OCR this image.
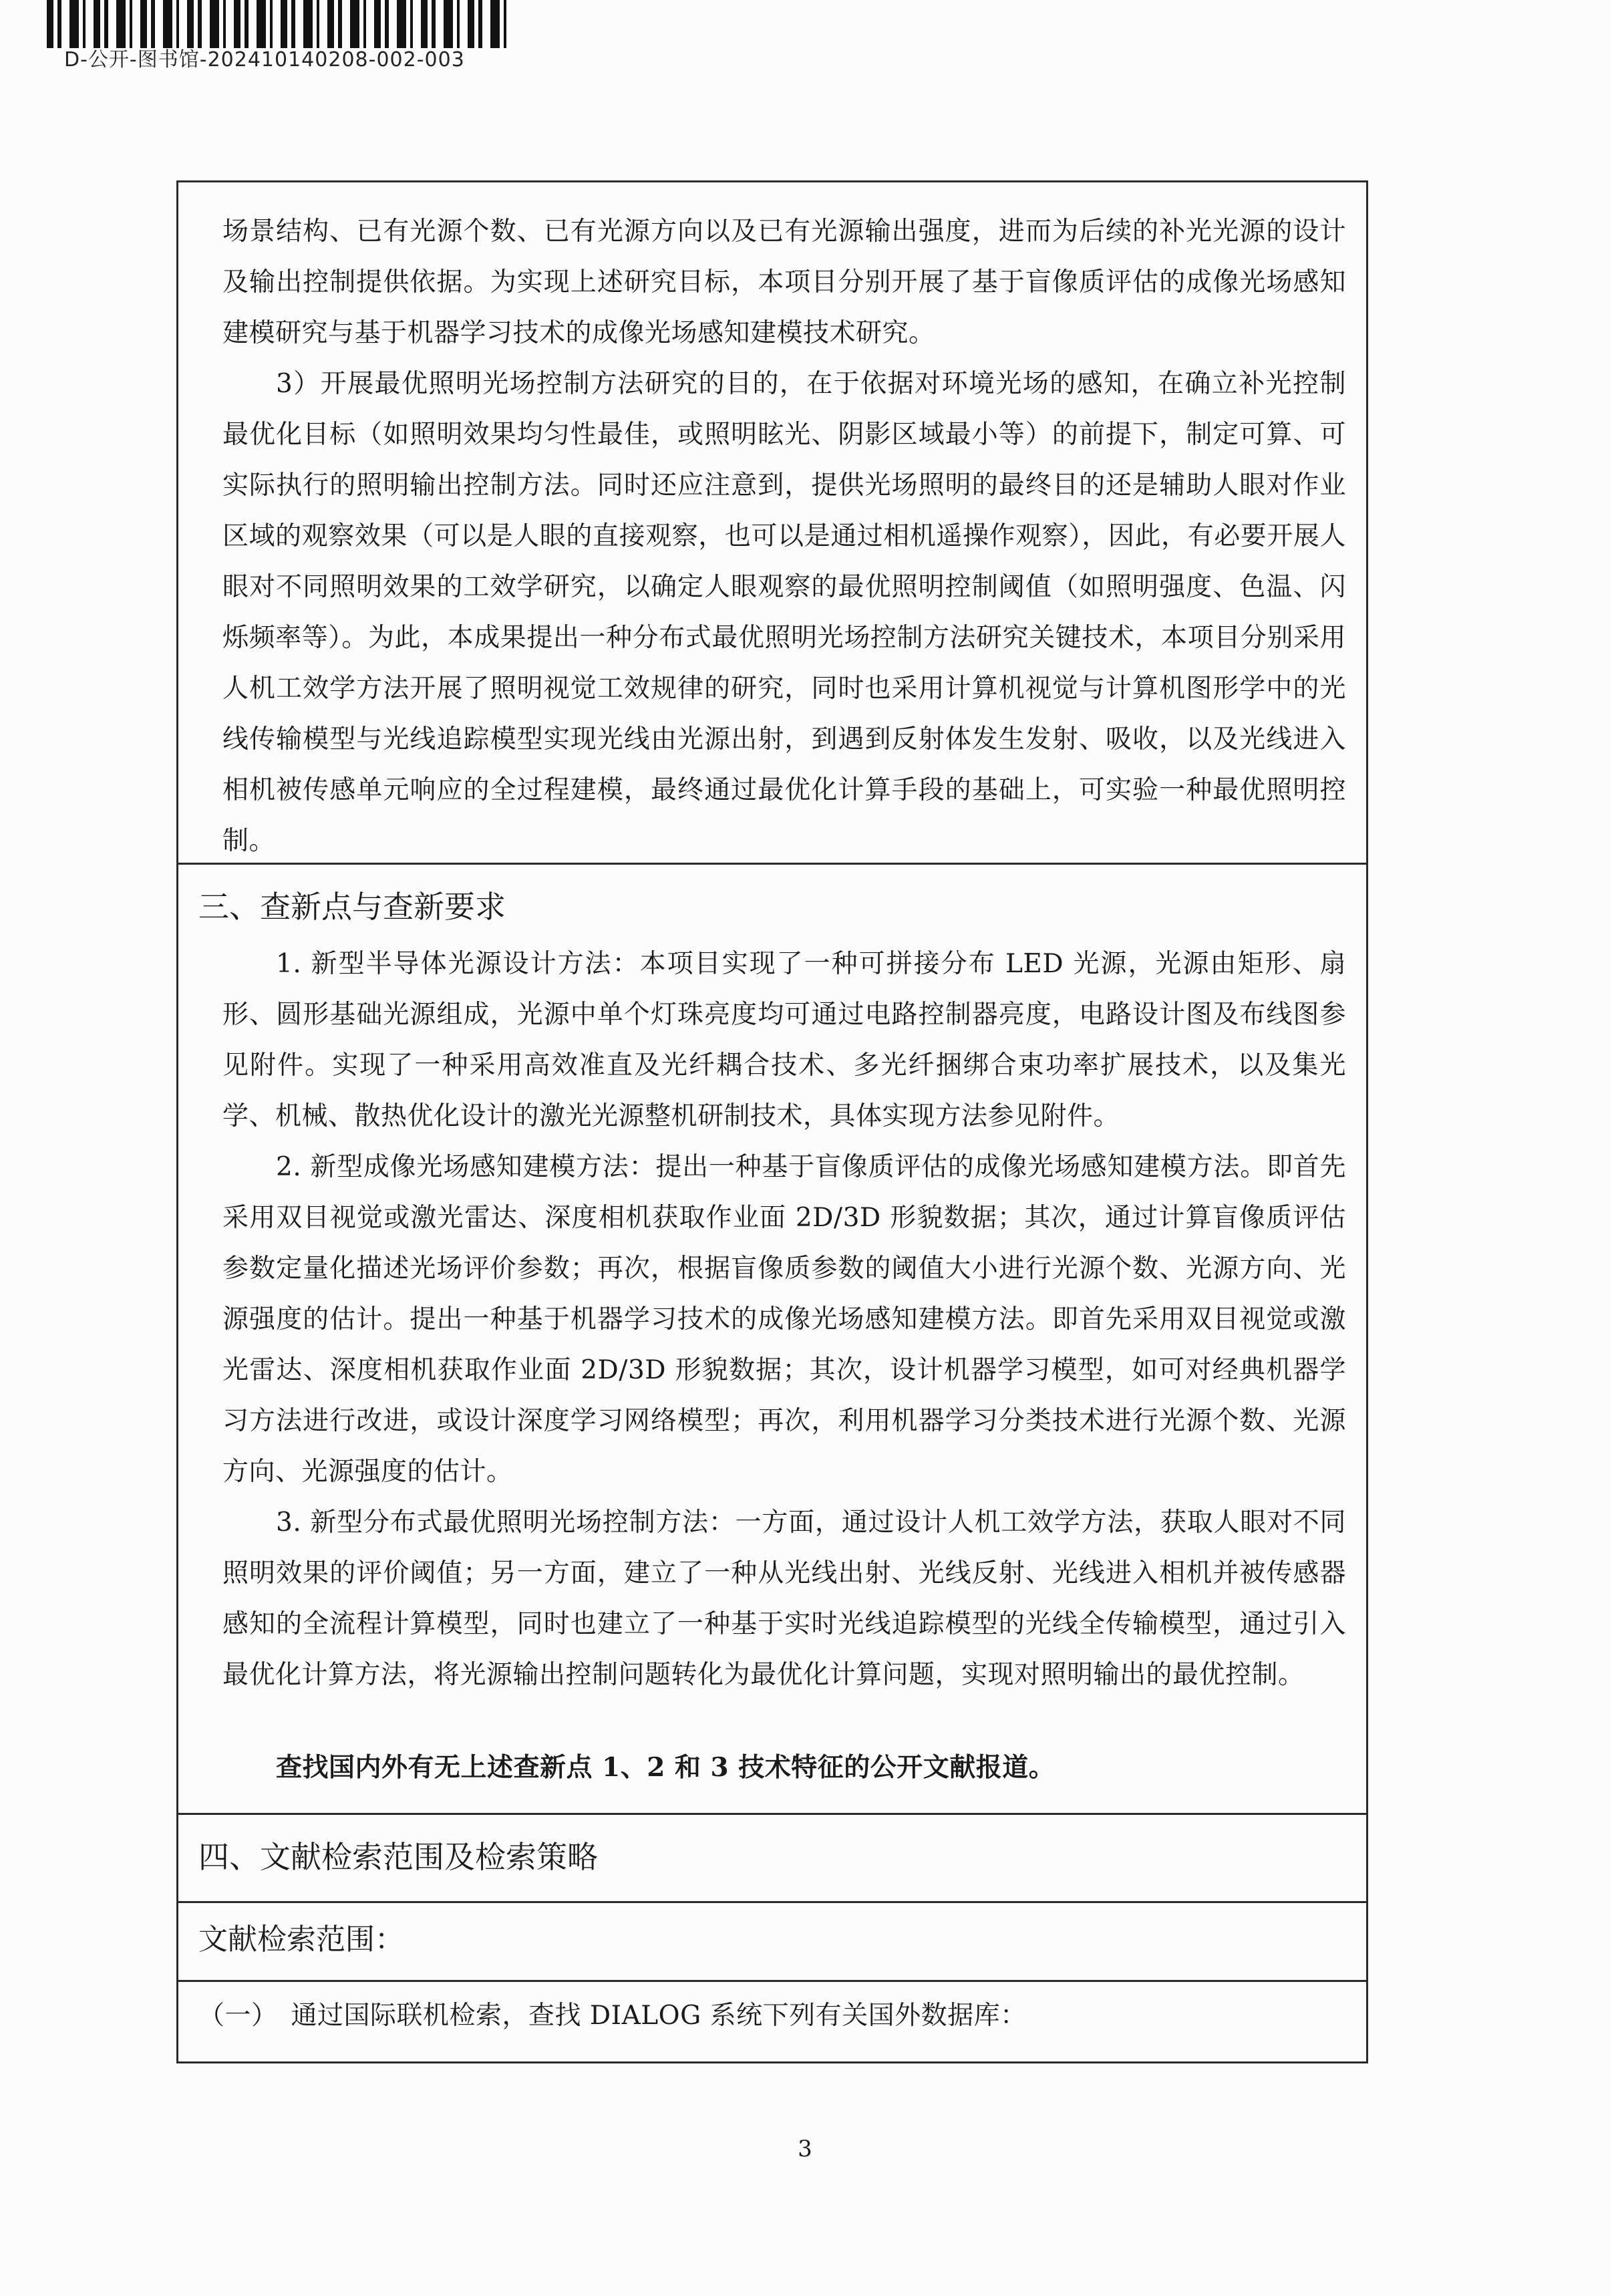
D-公开-图书馆-202410140208-002-003

场景结构、已有光源个数、已有光源方向以及已有光源输出强度，进而为后续的补光光源的设计及输出控制提供依据。为实现上述研究目标，本项目分别开展了基于盲像质评估的成像光场感知建模研究与基于机器学习技术的成像光场感知建模技术研究。

3）开展最优照明光场控制方法研究的目的，在于依据对环境光场的感知，在确立补光控制最优化目标（如照明效果均匀性最佳，或照明眩光、阴影区域最小等）的前提下，制定可算、可实际执行的照明输出控制方法。同时还应注意到，提供光场照明的最终目的还是辅助人眼对作业区域的观察效果（可以是人眼的直接观察，也可以是通过相机遥操作观察），因此，有必要开展人眼对不同照明效果的工效学研究，以确定人眼观察的最优照明控制阈值（如照明强度、色温、闪烁频率等）。为此，本成果提出一种分布式最优照明光场控制方法研究关键技术，本项目分别采用人机工效学方法开展了照明视觉工效规律的研究，同时也采用计算机视觉与计算机图形学中的光线传输模型与光线追踪模型实现光线由光源出射，到遇到反射体发生发射、吸收，以及光线进入相机被传感单元响应的全过程建模，最终通过最优化计算手段的基础上，可实验一种最优照明控制。

三、查新点与查新要求

1. 新型半导体光源设计方法：本项目实现了一种可拼接分布 LED 光源，光源由矩形、扇形、圆形基础光源组成，光源中单个灯珠亮度均可通过电路控制器亮度，电路设计图及布线图参见附件。实现了一种采用高效准直及光纤耦合技术、多光纤捆绑合束功率扩展技术，以及集光学、机械、散热优化设计的激光光源整机研制技术，具体实现方法参见附件。

2. 新型成像光场感知建模方法：提出一种基于盲像质评估的成像光场感知建模方法。即首先采用双目视觉或激光雷达、深度相机获取作业面 2D/3D 形貌数据；其次，通过计算盲像质评估参数定量化描述光场评价参数；再次，根据盲像质参数的阈值大小进行光源个数、光源方向、光源强度的估计。提出一种基于机器学习技术的成像光场感知建模方法。即首先采用双目视觉或激光雷达、深度相机获取作业面 2D/3D 形貌数据；其次，设计机器学习模型，如可对经典机器学习方法进行改进，或设计深度学习网络模型；再次，利用机器学习分类技术进行光源个数、光源方向、光源强度的估计。

3. 新型分布式最优照明光场控制方法：一方面，通过设计人机工效学方法，获取人眼对不同照明效果的评价阈值；另一方面，建立了一种从光线出射、光线反射、光线进入相机并被传感器感知的全流程计算模型，同时也建立了一种基于实时光线追踪模型的光线全传输模型，通过引入最优化计算方法，将光源输出控制问题转化为最优化计算问题，实现对照明输出的最优控制。

查找国内外有无上述查新点 1、2 和 3 技术特征的公开文献报道。

四、文献检索范围及检索策略
文献检索范围：

（一）　通过国际联机检索，查找 DIALOG 系统下列有关国外数据库：

3
